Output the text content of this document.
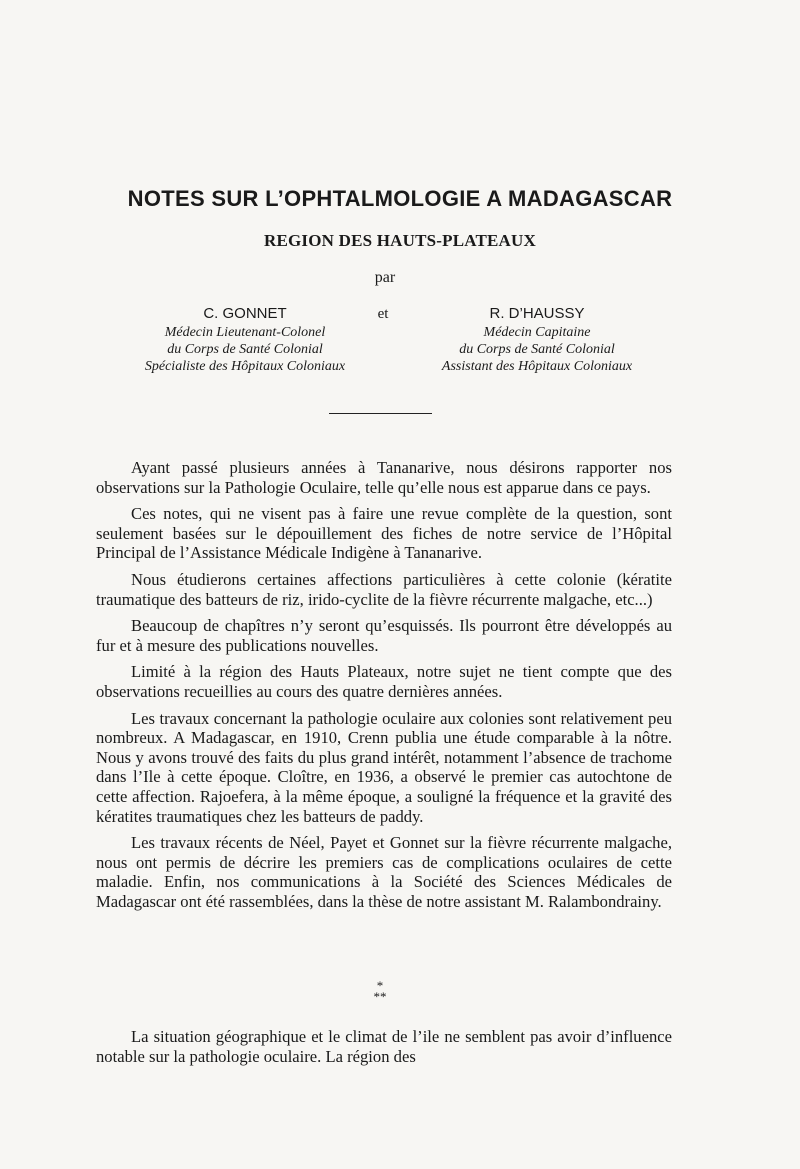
NOTES SUR L’OPHTALMOLOGIE A MADAGASCAR
REGION DES HAUTS-PLATEAUX
par
C. GONNET
Médecin Lieutenant-Colonel
du Corps de Santé Colonial
Spécialiste des Hôpitaux Coloniaux
et	R. D’HAUSSY
Médecin Capitaine
du Corps de Santé Colonial
Assistant des Hôpitaux Coloniaux

Ayant passé plusieurs années à Tananarive, nous désirons rapporter nos observations sur la Pathologie Oculaire, telle qu’elle nous est apparue dans ce pays.

Ces notes, qui ne visent pas à faire une revue complète de la question, sont seulement basées sur le dépouillement des fiches de notre service de l’Hôpital Principal de l’Assistance Médicale Indigène à Tananarive.

Nous étudierons certaines affections particulières à cette colonie (kératite traumatique des batteurs de riz, irido-cyclite de la fièvre récurrente malgache, etc...)

Beaucoup de chapîtres n’y seront qu’esquissés. Ils pourront être développés au fur et à mesure des publications nouvelles.

Limité à la région des Hauts Plateaux, notre sujet ne tient compte que des observations recueillies au cours des quatre dernières années.

Les travaux concernant la pathologie oculaire aux colonies sont relativement peu nombreux. A Madagascar, en 1910, Crenn publia une étude comparable à la nôtre. Nous y avons trouvé des faits du plus grand intérêt, notamment l’absence de trachome dans l’Ile à cette époque. Cloître, en 1936, a observé le premier cas autochtone de cette affection. Rajoefera, à la même époque, a souligné la fréquence et la gravité des kératites traumatiques chez les batteurs de paddy.

Les travaux récents de Néel, Payet et Gonnet sur la fièvre récurrente malgache, nous ont permis de décrire les premiers cas de complications oculaires de cette maladie. Enfin, nos communications à la Société des Sciences Médicales de Madagascar ont été rassemblées, dans la thèse de notre assistant M. Ralambondrainy.

*
**

La situation géographique et le climat de l’ile ne semblent pas avoir d’influence notable sur la pathologie oculaire. La région des
